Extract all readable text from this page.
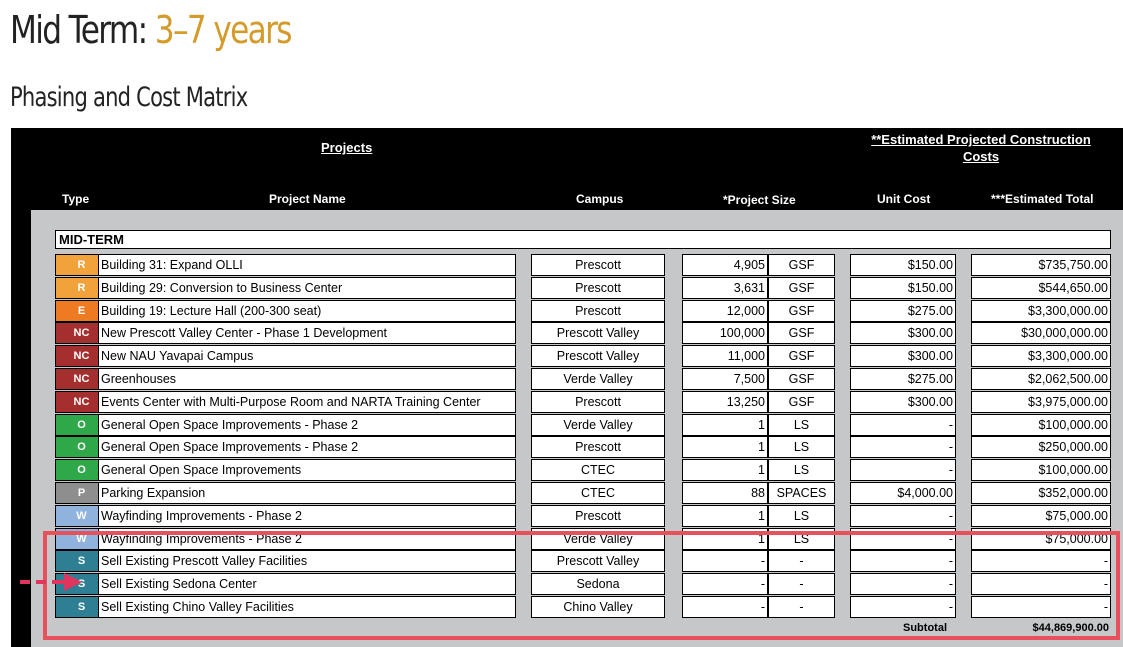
Mid Term: 3–7 years
Phasing and Cost Matrix
Projects
**Estimated Projected Construction
Costs
Type	Project Name	Campus	*Project Size	Unit Cost	***Estimated Total
MID-TERM
R	Building 31: Expand OLLI	Prescott	4,905	GSF	$150.00	$735,750.00
R	Building 29: Conversion to Business Center	Prescott	3,631	GSF	$150.00	$544,650.00
E	Building 19: Lecture Hall (200-300 seat)	Prescott	12,000	GSF	$275.00	$3,300,000.00
NC New Prescott Valley Center - Phase 1 Development	Prescott Valley	100,000	GSF	$300.00	$30,000,000.00
NC New NAU Yavapai Campus	Prescott Valley	11,000	GSF	$300.00	$3,300,000.00
NC Greenhouses	Verde Valley	7,500	GSF	$275.00	$2,062,500.00
NC Events Center with Multi-Purpose Room and NARTA Training Center	Prescott	13,250	GSF	$300.00	$3,975,000.00
O	General Open Space Improvements - Phase 2	Verde Valley	1	LS	-	$100,000.00
O	General Open Space Improvements - Phase 2	Prescott	1	LS	-	$250,000.00
O	General Open Space Improvements	CTEC	1	LS	-	$100,000.00
P	Parking Expansion	CTEC	88 SPACES	$4,000.00	$352,000.00
W	Wayfinding Improvements - Phase 2	Prescott	1	LS	-	$75,000.00
W	Wayfinding Improvements - Phase 2	Verde Valley	1	LS	-	$75,000.00
S	Sell Existing Prescott Valley Facilities	Prescott Valley	-	-	-	-
S	Sell Existing Sedona Center	Sedona	-	-	-	-
S	Sell Existing Chino Valley Facilities	Chino Valley	-	-	-	-
Subtotal	$44,869,900.00
